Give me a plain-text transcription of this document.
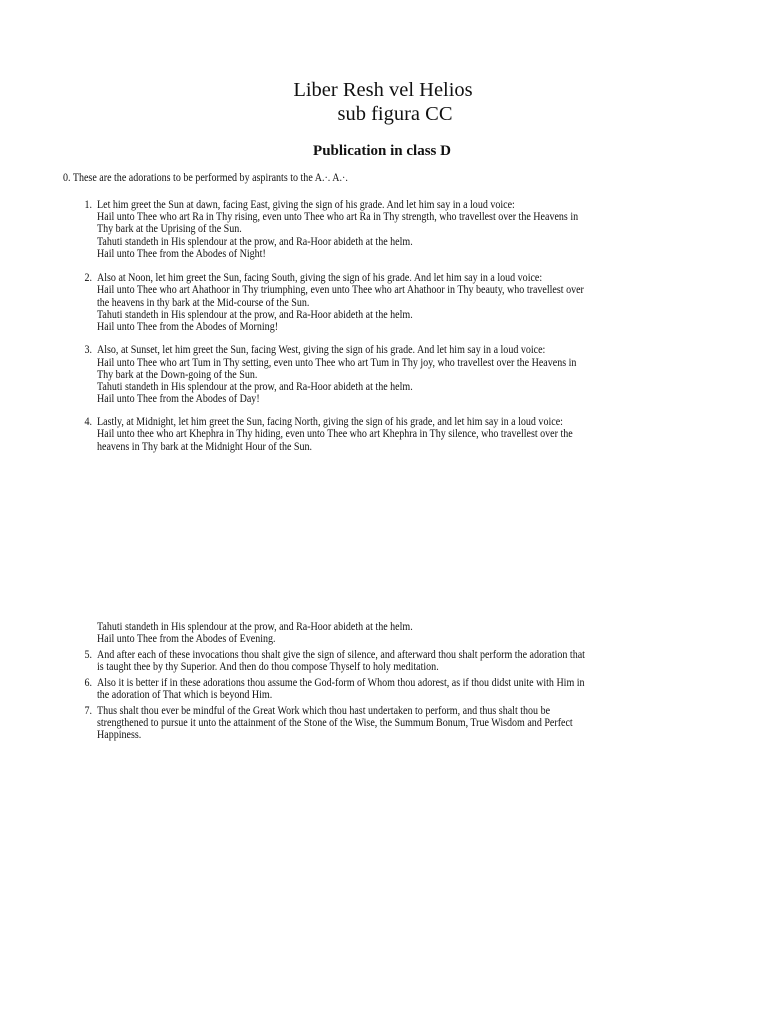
Liber Resh vel Helios
sub figura CC
Publication in class D
0. These are the adorations to be performed by aspirants to the A.·. A.·.
1. Let him greet the Sun at dawn, facing East, giving the sign of his grade. And let him say in a loud voice:
Hail unto Thee who art Ra in Thy rising, even unto Thee who art Ra in Thy strength, who travellest over the Heavens in
Thy bark at the Uprising of the Sun.
Tahuti standeth in His splendour at the prow, and Ra-Hoor abideth at the helm.
Hail unto Thee from the Abodes of Night!
2. Also at Noon, let him greet the Sun, facing South, giving the sign of his grade. And let him say in a loud voice:
Hail unto Thee who art Ahathoor in Thy triumphing, even unto Thee who art Ahathoor in Thy beauty, who travellest over
the heavens in thy bark at the Mid-course of the Sun.
Tahuti standeth in His splendour at the prow, and Ra-Hoor abideth at the helm.
Hail unto Thee from the Abodes of Morning!
3. Also, at Sunset, let him greet the Sun, facing West, giving the sign of his grade. And let him say in a loud voice:
Hail unto Thee who art Tum in Thy setting, even unto Thee who art Tum in Thy joy, who travellest over the Heavens in
Thy bark at the Down-going of the Sun.
Tahuti standeth in His splendour at the prow, and Ra-Hoor abideth at the helm.
Hail unto Thee from the Abodes of Day!
4. Lastly, at Midnight, let him greet the Sun, facing North, giving the sign of his grade, and let him say in a loud voice:
Hail unto thee who art Khephra in Thy hiding, even unto Thee who art Khephra in Thy silence, who travellest over the
heavens in Thy bark at the Midnight Hour of the Sun.
Tahuti standeth in His splendour at the prow, and Ra-Hoor abideth at the helm.
Hail unto Thee from the Abodes of Evening.
5. And after each of these invocations thou shalt give the sign of silence, and afterward thou shalt perform the adoration that
is taught thee by thy Superior. And then do thou compose Thyself to holy meditation.
6. Also it is better if in these adorations thou assume the God-form of Whom thou adorest, as if thou didst unite with Him in
the adoration of That which is beyond Him.
7. Thus shalt thou ever be mindful of the Great Work which thou hast undertaken to perform, and thus shalt thou be
strengthened to pursue it unto the attainment of the Stone of the Wise, the Summum Bonum, True Wisdom and Perfect
Happiness.
